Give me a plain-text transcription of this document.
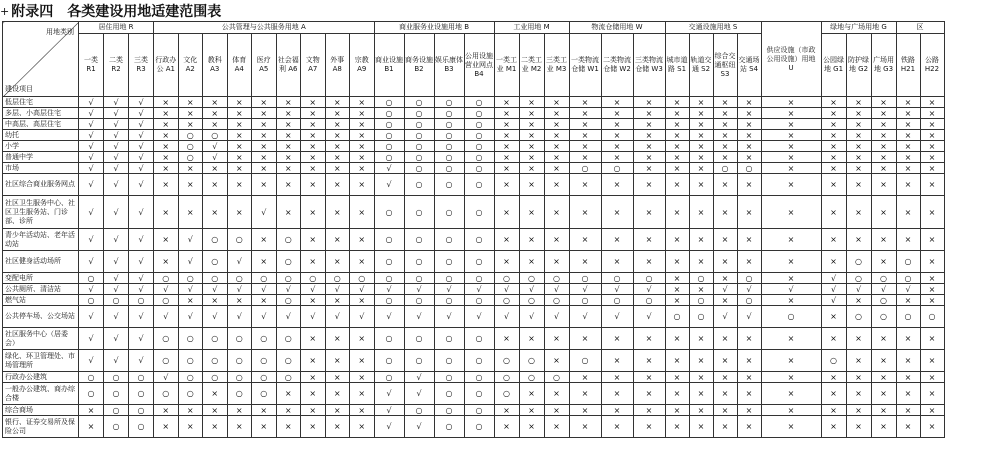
+ 附录四 各类建设用地适建范围表
用地类别
建设项目	居住用地 R			公共管理与公共服务用地 A									商业服务业设施用地 B				工业用地 M			物流仓储用地 W			交通设施用地 S				供应设施（市政公用设施）用地 U	绿地与广场用地 G			区	
	一类 R1	二类 R2	三类 R3	行政办公 A1	文化 A2	教科 A3	体育 A4	医疗 A5	社会福利 A6	文物 A7	外事 A8	宗教 A9	商业设施 B1	商务设施 B2	娱乐康体 B3	公用设施营业网点 B4	一类工业 M1	二类工业 M2	三类工业 M3	一类物流仓储 W1	二类物流仓储 W2	三类物流仓储 W3	城市道路 S1	轨道交通 S2	综合交通枢纽 S3	交通场站 S4		公园绿地 G1	防护绿地 G2	广场用地 G3	铁路 H21	公路 H22
低层住宅	√	√	√	×	×	×	×	×	×	×	×	×	○	○	○	○	×	×	×	×	×	×	×	×	×	×	×	×	×	×	×	×
多层、小高层住宅	√	√	√	×	×	×	×	×	×	×	×	×	○	○	○	○	×	×	×	×	×	×	×	×	×	×	×	×	×	×	×	×
中高层、高层住宅	√	√	√	×	×	×	×	×	×	×	×	×	○	○	○	○	×	×	×	×	×	×	×	×	×	×	×	×	×	×	×	×
幼托	√	√	√	×	○	○	×	×	×	×	×	×	○	○	○	○	×	×	×	×	×	×	×	×	×	×	×	×	×	×	×	×
小学	√	√	√	×	○	√	×	×	×	×	×	×	○	○	○	○	×	×	×	×	×	×	×	×	×	×	×	×	×	×	×	×
普通中学	√	√	√	×	○	√	×	×	×	×	×	×	○	○	○	○	×	×	×	×	×	×	×	×	×	×	×	×	×	×	×	×
市场	√	√	√	×	×	×	×	×	×	×	×	×	√	○	○	○	×	×	×	○	○	×	×	×	○	○	×	×	×	×	×	×
社区综合商业服务网点	√	√	√	×	×	×	×	×	×	×	×	×	√	○	○	○	×	×	×	×	×	×	×	×	×	×	×	×	×	×	×	×
社区卫生服务中心、社区卫生服务站、门诊部、诊所	√	√	√	×	×	×	×	√	×	×	×	×	○	○	○	○	×	×	×	×	×	×	×	×	×	×	×	×	×	×	×	×
青少年活动站、老年活动站	√	√	√	×	√	○	○	×	○	×	×	×	○	○	○	○	×	×	×	×	×	×	×	×	×	×	×	×	×	×	×	×
社区健身活动场所	√	√	√	×	√	○	√	×	○	×	×	×	○	○	○	○	×	×	×	×	×	×	×	×	×	×	×	×	○	×	○	×
变配电所	○	√	√	○	○	○	○	○	○	○	○	○	○	○	○	○	○	○	○	○	○	○	×	○	×	○	×	√	○	○	○	×
公共厕所、清洁站	√	√	√	√	√	√	√	√	√	√	√	√	√	√	√	√	√	√	√	√	√	√	×	×	√	√	√	√	√	√	√	×
燃气站	○	○	○	○	×	×	×	×	○	×	×	×	○	○	○	○	○	○	○	○	○	○	×	○	×	○	×	√	×	○	×	×
公共停车场、公交场站	√	√	√	√	√	√	√	√	√	√	√	√	√	√	√	√	√	√	√	√	√	√	○	○	√	√	○	×	○	○	○	○
社区服务中心（居委会）	√	√	√	○	○	○	○	○	○	×	×	×	○	○	○	○	×	×	×	×	×	×	×	×	×	×	×	×	×	×	×	×
绿化、环卫管理处、市场管理所	√	√	√	○	○	○	○	○	○	×	×	×	○	○	○	○	○	○	×	○	×	×	×	×	×	×	×	○	×	×	×	×
行政办公建筑	○	○	○	√	○	○	○	○	○	×	×	×	○	√	○	○	○	○	○	×	×	×	×	×	×	×	×	×	×	×	×	×
一般办公建筑、商办综合楼	○	○	○	○	○	×	○	○	×	×	×	×	√	√	○	○	○	×	×	×	×	×	×	×	×	×	×	×	×	×	×	×
综合商场	×	○	○	×	×	×	×	×	×	×	×	×	√	○	○	○	×	×	×	×	×	×	×	×	×	×	×	×	×	×	×	×
银行、证券交易所及保险公司	×	○	○	×	×	×	×	×	×	×	×	×	√	√	○	○	×	×	×	×	×	×	×	×	×	×	×	×	×	×	×	×
